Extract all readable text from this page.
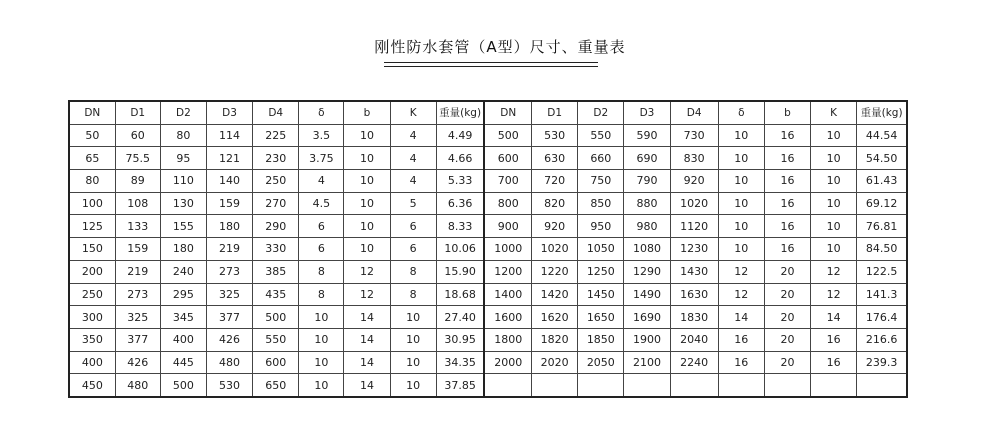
刚性防水套管（A型）尺寸、重量表
DN	D1	D2	D3	D4	δ	b	K	重量(kg)	DN	D1	D2	D3	D4	δ	b	K	重量(kg)
50	60	80	114	225	3.5	10	4	4.49	500	530	550	590	730	10	16	10	44.54
65	75.5	95	121	230	3.75	10	4	4.66	600	630	660	690	830	10	16	10	54.50
80	89	110	140	250	4	10	4	5.33	700	720	750	790	920	10	16	10	61.43
100	108	130	159	270	4.5	10	5	6.36	800	820	850	880	1020	10	16	10	69.12
125	133	155	180	290	6	10	6	8.33	900	920	950	980	1120	10	16	10	76.81
150	159	180	219	330	6	10	6	10.06	1000	1020	1050	1080	1230	10	16	10	84.50
200	219	240	273	385	8	12	8	15.90	1200	1220	1250	1290	1430	12	20	12	122.5
250	273	295	325	435	8	12	8	18.68	1400	1420	1450	1490	1630	12	20	12	141.3
300	325	345	377	500	10	14	10	27.40	1600	1620	1650	1690	1830	14	20	14	176.4
350	377	400	426	550	10	14	10	30.95	1800	1820	1850	1900	2040	16	20	16	216.6
400	426	445	480	600	10	14	10	34.35	2000	2020	2050	2100	2240	16	20	16	239.3
450	480	500	530	650	10	14	10	37.85									
